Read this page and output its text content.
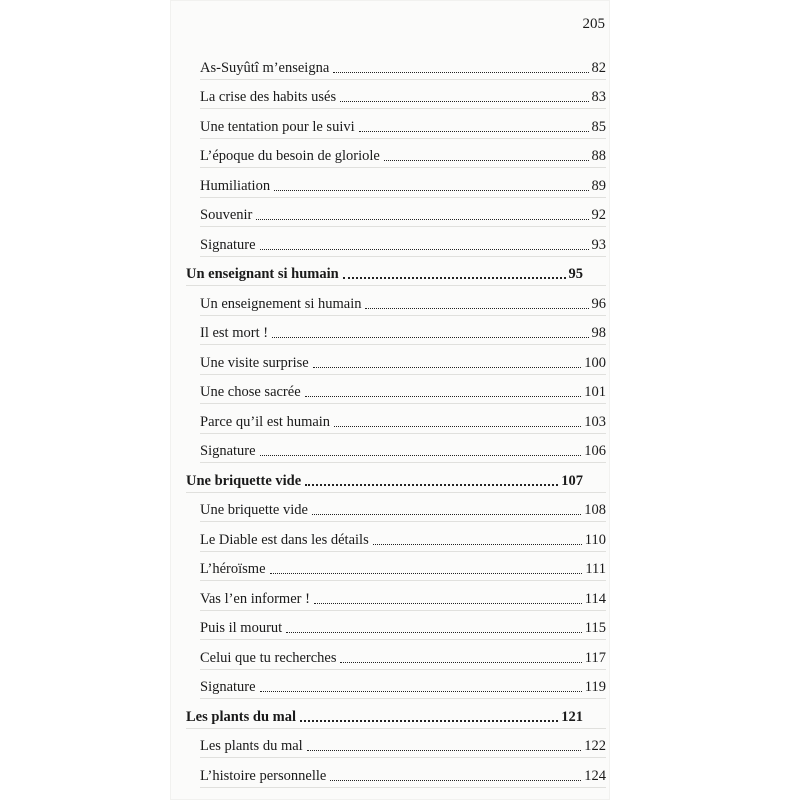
205
As-Suyûtî m’enseigna	82
La crise des habits usés	83
Une tentation pour le suivi	85
L’époque du besoin de gloriole	88
Humiliation	89
Souvenir	92
Signature	93
Un enseignant si humain	95
Un enseignement si humain	96
Il est mort !	98
Une visite surprise	100
Une chose sacrée	101
Parce qu’il est humain	103
Signature	106
Une briquette vide	107
Une briquette vide	108
Le Diable est dans les détails	110
L’héroïsme	111
Vas l’en informer !	114
Puis il mourut	115
Celui que tu recherches	117
Signature	119
Les plants du mal	121
Les plants du mal	122
L’histoire personnelle	124
